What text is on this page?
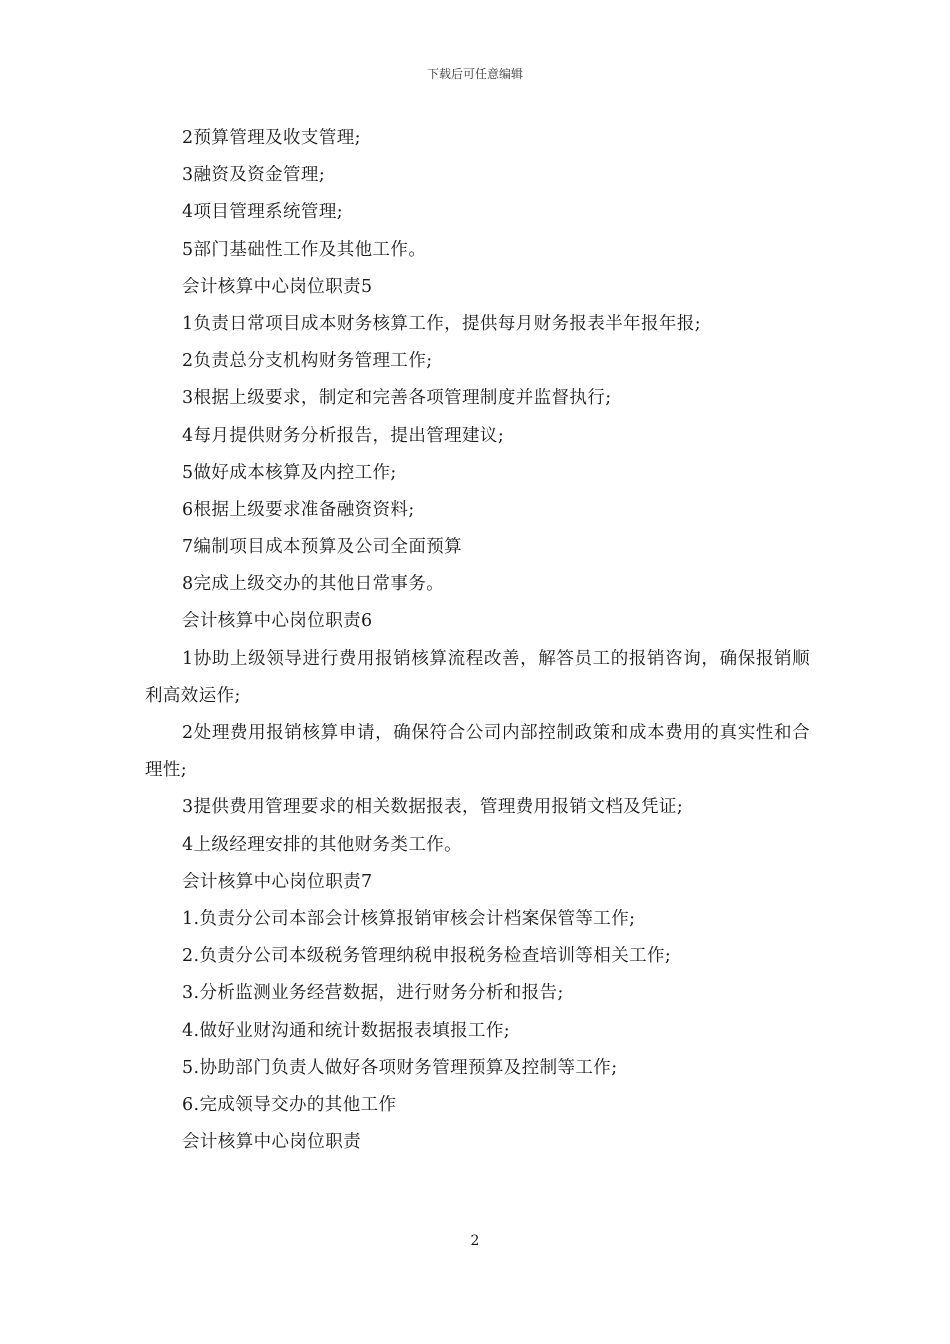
下载后可任意编辑
2预算管理及收支管理;
3融资及资金管理;
4项目管理系统管理;
5部门基础性工作及其他工作。
会计核算中心岗位职责5
1负责日常项目成本财务核算工作，提供每月财务报表半年报年报;
2负责总分支机构财务管理工作;
3根据上级要求，制定和完善各项管理制度并监督执行;
4每月提供财务分析报告，提出管理建议;
5做好成本核算及内控工作;
6根据上级要求准备融资资料;
7编制项目成本预算及公司全面预算
8完成上级交办的其他日常事务。
会计核算中心岗位职责6
1协助上级领导进行费用报销核算流程改善，解答员工的报销咨询，确保报销顺利高效运作;
2处理费用报销核算申请，确保符合公司内部控制政策和成本费用的真实性和合理性;
3提供费用管理要求的相关数据报表，管理费用报销文档及凭证;
4上级经理安排的其他财务类工作。
会计核算中心岗位职责7
1.负责分公司本部会计核算报销审核会计档案保管等工作;
2.负责分公司本级税务管理纳税申报税务检查培训等相关工作;
3.分析监测业务经营数据，进行财务分析和报告;
4.做好业财沟通和统计数据报表填报工作;
5.协助部门负责人做好各项财务管理预算及控制等工作;
6.完成领导交办的其他工作
会计核算中心岗位职责
2
